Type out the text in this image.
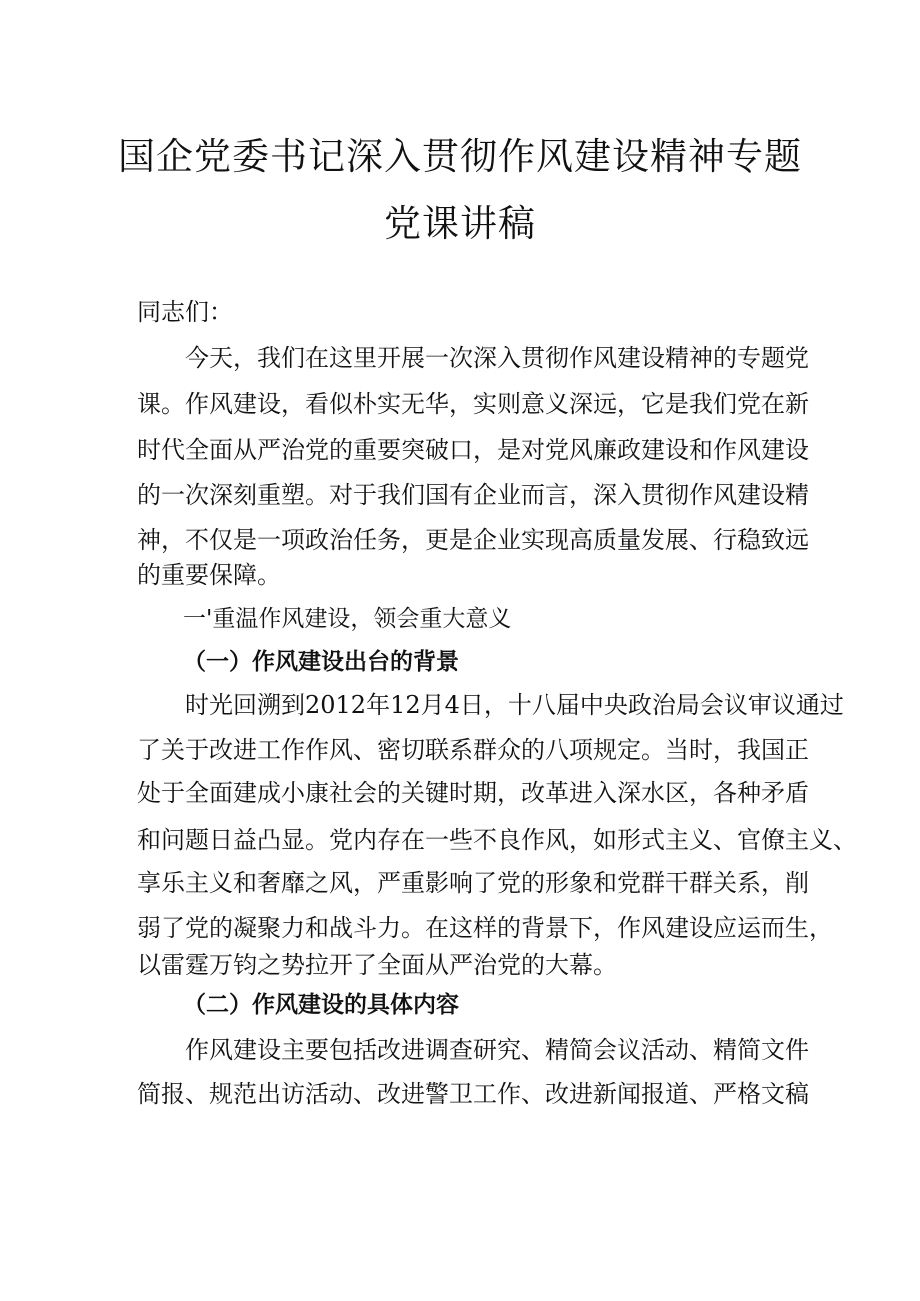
国企党委书记深入贯彻作风建设精神专题
党课讲稿
同志们：
今天，我们在这里开展一次深入贯彻作风建设精神的专题党
课。作风建设，看似朴实无华，实则意义深远，它是我们党在新
时代全面从严治党的重要突破口，是对党风廉政建设和作风建设
的一次深刻重塑。对于我们国有企业而言，深入贯彻作风建设精
神，不仅是一项政治任务，更是企业实现高质量发展、行稳致远
的重要保障。
一'重温作风建设，领会重大意义
（一）作风建设出台的背景
时光回溯到2012年12月4日，十八届中央政治局会议审议通过
了关于改进工作作风、密切联系群众的八项规定。当时，我国正
处于全面建成小康社会的关键时期，改革进入深水区，各种矛盾
和问题日益凸显。党内存在一些不良作风，如形式主义、官僚主义、
享乐主义和奢靡之风，严重影响了党的形象和党群干群关系，削
弱了党的凝聚力和战斗力。在这样的背景下，作风建设应运而生，
以雷霆万钧之势拉开了全面从严治党的大幕。
（二）作风建设的具体内容
作风建设主要包括改进调查研究、精简会议活动、精简文件
简报、规范出访活动、改进警卫工作、改进新闻报道、严格文稿
